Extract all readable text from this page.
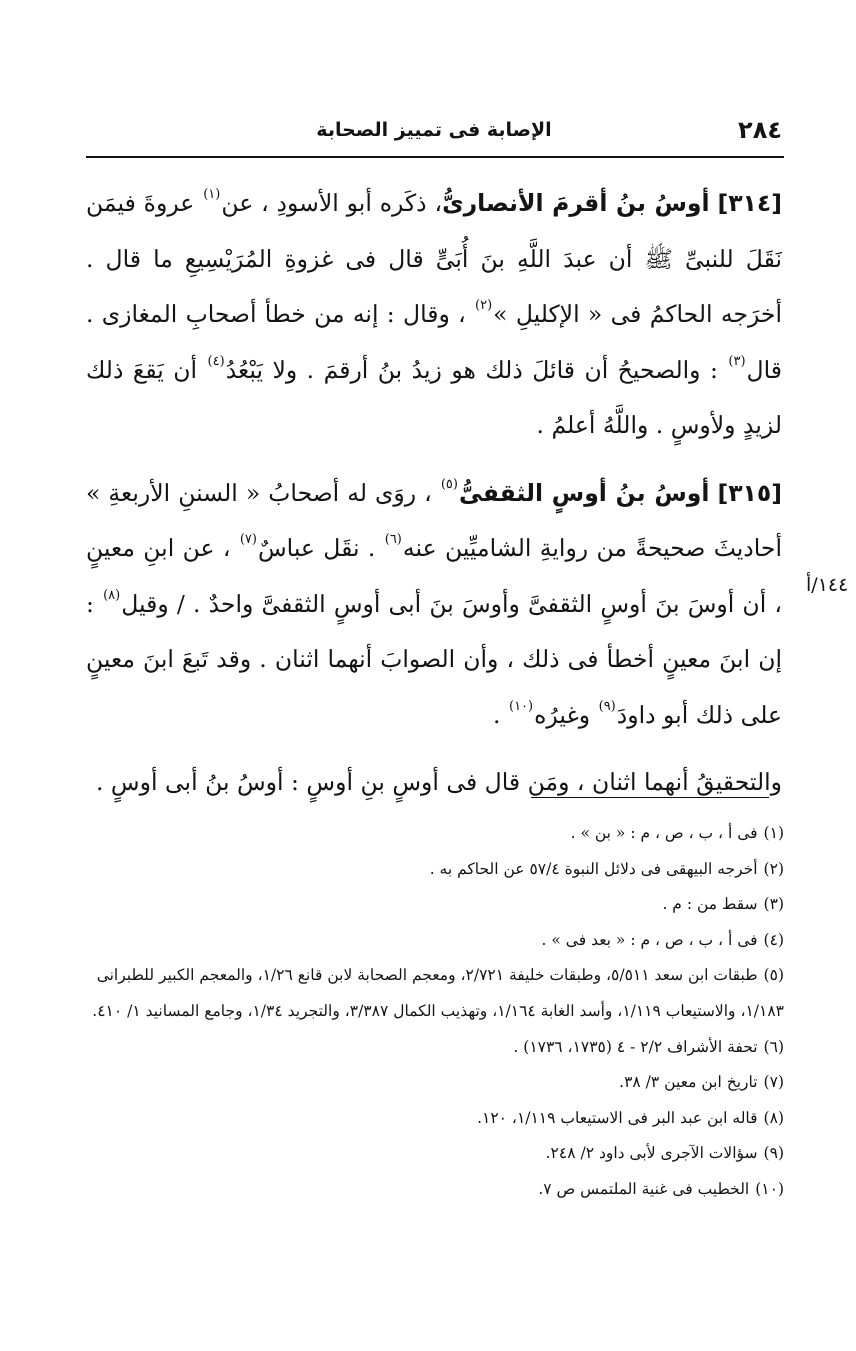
٢٨٤
الإصابة فى تمييز الصحابة
١٤٤/أ

[٣١٤] أوسُ بنُ أقرمَ الأنصارىُّ، ذكَره أبو الأسودِ ، عن$^{(١)}$ عروةَ فيمَن نَقَلَ للنبىِّ ﷺ أن عبدَ اللَّهِ بنَ أُبَىٍّ قال فى غزوةِ المُرَيْسِيعِ ما قال . أخرَجه الحاكمُ فى « الإكليلِ »$^{(٢)}$ ، وقال : إنه من خطأ أصحابِ المغازى . قال$^{(٣)}$ : والصحيحُ أن قائلَ ذلك هو زيدُ بنُ أرقمَ . ولا يَبْعُدُ$^{(٤)}$ أن يَقعَ ذلك لزيدٍ ولأوسٍ . واللَّهُ أعلمُ .

[٣١٥] أوسُ بنُ أوسٍ الثقفىُّ$^{(٥)}$ ، روَى له أصحابُ « السننِ الأربعةِ » أحاديثَ صحيحةً من روايةِ الشاميِّين عنه$^{(٦)}$ . نقَل عباسٌ$^{(٧)}$ ، عن ابنِ معينٍ ، أن أوسَ بنَ أوسٍ الثقفىَّ وأوسَ بنَ أبى أوسٍ الثقفىَّ واحدٌ . / وقيل$^{(٨)}$ : إن ابنَ معينٍ أخطأ فى ذلك ، وأن الصوابَ أنهما اثنان . وقد تَبعَ ابنَ معينٍ على ذلك أبو داودَ$^{(٩)}$ وغيرُه$^{(١٠)}$ .

والتحقيقُ أنهما اثنان ، ومَن قال فى أوسٍ بنِ أوسٍ : أوسُ بنُ أبى أوسٍ .

(١)فى أ ، ب ، ص ، م : « بن » .
(٢)أخرجه البيهقى فى دلائل النبوة ٥٧/٤ عن الحاكم به .
(٣)سقط من : م .
(٤)فى أ ، ب ، ص ، م : « بعد فى » .
(٥)طبقات ابن سعد ٥/٥١١، وطبقات خليفة ٢/٧٢١، ومعجم الصحابة لابن قانع ١/٢٦، والمعجم الكبير للطبرانى ١/١٨٣، والاستيعاب ١/١١٩، وأسد الغابة ١/١٦٤، وتهذيب الكمال ٣/٣٨٧، والتجريد ١/٣٤، وجامع المسانيد ١/ ٤١٠.
(٦)تحفة الأشراف ٢/٢ - ٤ (١٧٣٥، ١٧٣٦) .
(٧)تاريخ ابن معين ٣/ ٣٨.
(٨)قاله ابن عبد البر فى الاستيعاب ١/١١٩، ١٢٠.
(٩)سؤالات الآجرى لأبى داود ٢/ ٢٤٨.
(١٠)الخطيب فى غنية الملتمس ص ٧.
